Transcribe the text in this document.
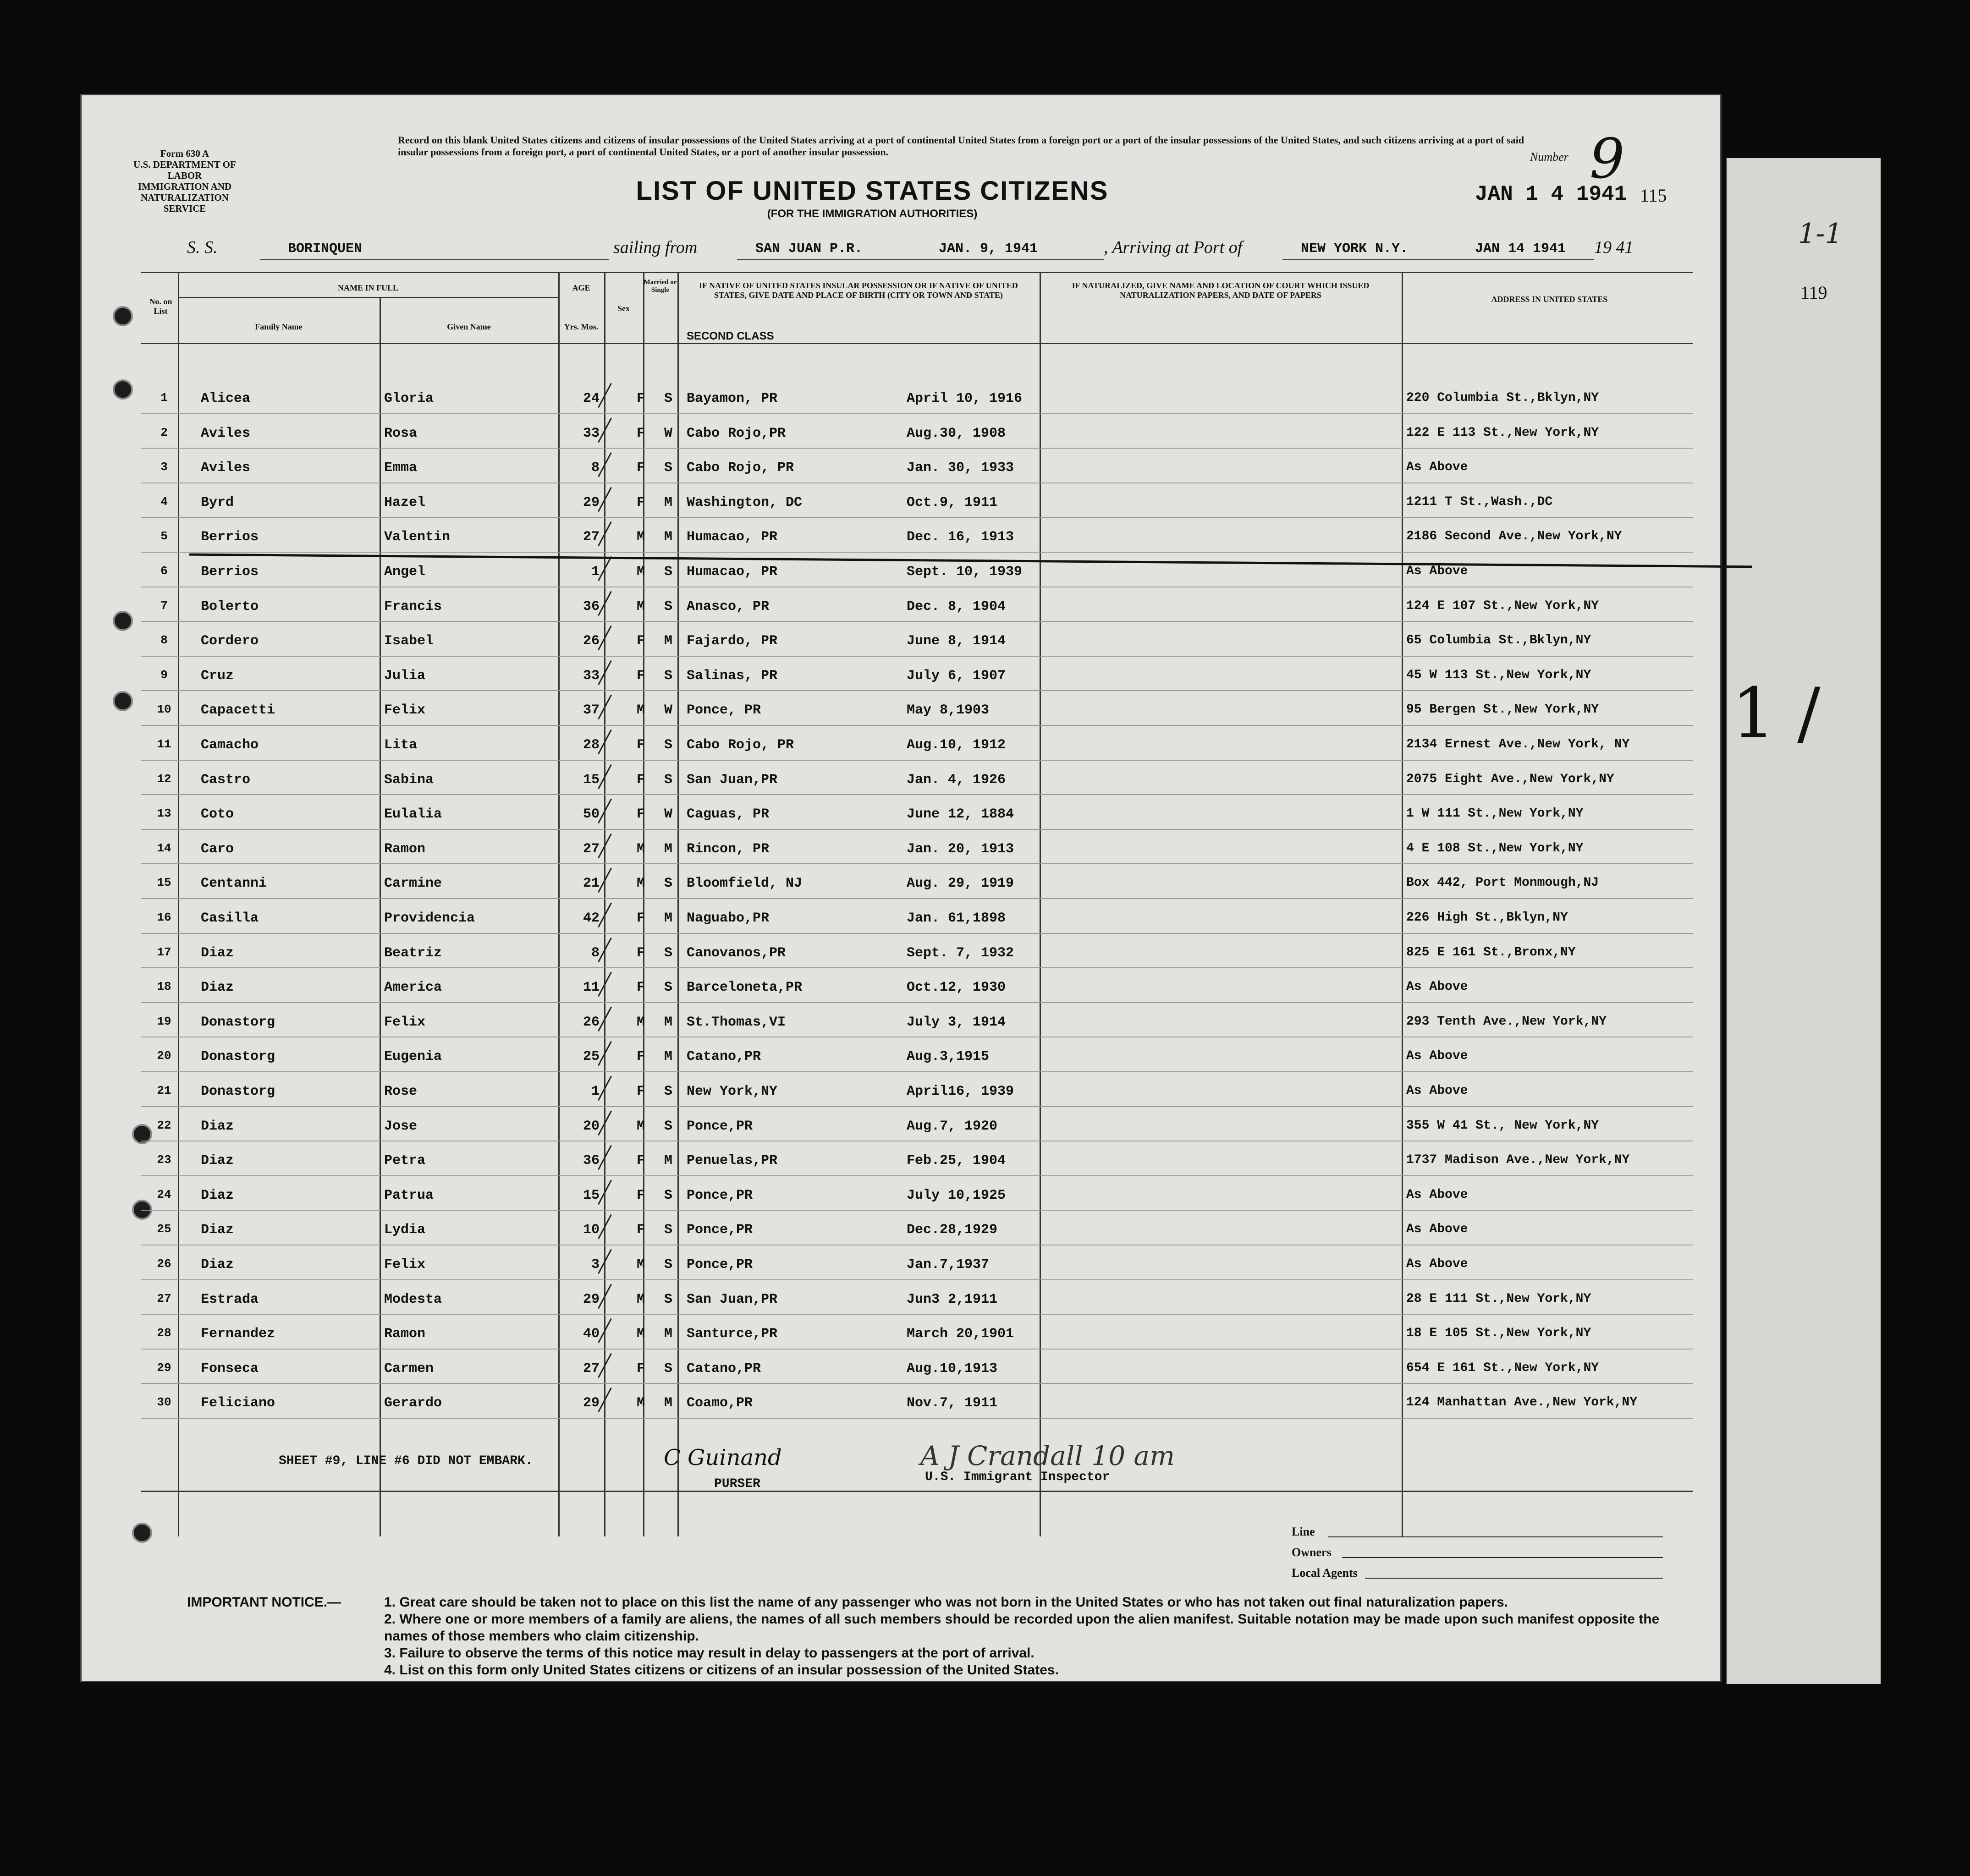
1-1
119
1 /
Form 630 A
U.S. DEPARTMENT OF LABOR
IMMIGRATION AND
NATURALIZATION SERVICE
Record on this blank United States citizens and citizens of insular possessions of the United States arriving at a port of continental United States from a foreign port or a port of the insular possessions of the United States, and such citizens arriving at a port of said insular possessions from a foreign port, a port of continental United States, or a port of another insular possession.	Number 9
LIST OF UNITED STATES CITIZENS
(FOR THE IMMIGRATION AUTHORITIES)
JAN 1 4 1941 115
S. S.	BORINQUEN	sailing from	SAN JUAN P.R.	JAN. 9, 1941	, Arriving at Port of	NEW YORK N.Y.	JAN 14 1941 19 41
No. on List
NAME IN FULL
Family Name	Given Name
AGE
Yrs. Mos.
Sex
Married or Single	IF NATIVE OF UNITED STATES INSULAR POSSESSION OR IF NATIVE OF UNITED STATES, GIVE DATE AND PLACE OF BIRTH (CITY OR TOWN AND STATE)
SECOND CLASS
IF NATURALIZED, GIVE NAME AND LOCATION OF COURT WHICH ISSUED NATURALIZATION PAPERS, AND DATE OF PAPERS	ADDRESS IN UNITED STATES
1	Alicea	Gloria	24	F	S	Bayamon, PR	April 10, 1916	220 Columbia St.,Bklyn,NY
2	Aviles	Rosa	33	F	W	Cabo Rojo,PR	Aug.30, 1908	122 E 113 St.,New York,NY
3	Aviles	Emma	8	F	S	Cabo Rojo, PR	Jan. 30, 1933	As Above
4	Byrd	Hazel	29	F	M	Washington, DC	Oct.9, 1911	1211 T St.,Wash.,DC
5	Berrios	Valentin	27	M	M	Humacao, PR	Dec. 16, 1913	2186 Second Ave.,New York,NY
6	Berrios	Angel	1	M	S	Humacao, PR	Sept. 10, 1939	As Above
7	Bolerto	Francis	36	M	S	Anasco, PR	Dec. 8, 1904	124 E 107 St.,New York,NY
8	Cordero	Isabel	26	F	M	Fajardo, PR	June 8, 1914	65 Columbia St.,Bklyn,NY
9	Cruz	Julia	33	F	S	Salinas, PR	July 6, 1907	45 W 113 St.,New York,NY
10	Capacetti	Felix	37	M	W	Ponce, PR	May 8,1903	95 Bergen St.,New York,NY
11	Camacho	Lita	28	F	S	Cabo Rojo, PR	Aug.10, 1912	2134 Ernest Ave.,New York, NY
12	Castro	Sabina	15	F	S	San Juan,PR	Jan. 4, 1926	2075 Eight Ave.,New York,NY
13	Coto	Eulalia	50	F	W	Caguas, PR	June 12, 1884	1 W 111 St.,New York,NY
14	Caro	Ramon	27	M	M	Rincon, PR	Jan. 20, 1913	4 E 108 St.,New York,NY
15	Centanni	Carmine	21	M	S	Bloomfield, NJ	Aug. 29, 1919	Box 442, Port Monmough,NJ
16	Casilla	Providencia	42	F	M	Naguabo,PR	Jan. 61,1898	226 High St.,Bklyn,NY
17	Diaz	Beatriz	8	F	S	Canovanos,PR	Sept. 7, 1932	825 E 161 St.,Bronx,NY
18	Diaz	America	11	F	S	Barceloneta,PR	Oct.12, 1930	As Above
19	Donastorg	Felix	26	M	M	St.Thomas,VI	July 3, 1914	293 Tenth Ave.,New York,NY
20	Donastorg	Eugenia	25	F	M	Catano,PR	Aug.3,1915	As Above
21	Donastorg	Rose	1	F	S	New York,NY	April16, 1939	As Above
22	Diaz	Jose	20	M	S	Ponce,PR	Aug.7, 1920	355 W 41 St., New York,NY
23	Diaz	Petra	36	F	M	Penuelas,PR	Feb.25, 1904	1737 Madison Ave.,New York,NY
24	Diaz	Patrua	15	F	S	Ponce,PR	July 10,1925	As Above
25	Diaz	Lydia	10	F	S	Ponce,PR	Dec.28,1929	As Above
26	Diaz	Felix	3	M	S	Ponce,PR	Jan.7,1937	As Above
27	Estrada	Modesta	29	M	S	San Juan,PR	Jun3 2,1911	28 E 111 St.,New York,NY
28	Fernandez	Ramon	40	M	M	Santurce,PR	March 20,1901	18 E 105 St.,New York,NY
29	Fonseca	Carmen	27	F	S	Catano,PR	Aug.10,1913	654 E 161 St.,New York,NY
30	Feliciano	Gerardo	29	M	M	Coamo,PR	Nov.7, 1911	124 Manhattan Ave.,New York,NY
SHEET #9, LINE #6 DID NOT EMBARK.	C Guinand
PURSER
A J Crandall 10 am
U.S. Immigrant Inspector
Line
Owners
Local Agents
IMPORTANT NOTICE.—	1. Great care should be taken not to place on this list the name of any passenger who was not born in the United States or who has not taken out final naturalization papers.
2. Where one or more members of a family are aliens, the names of all such members should be recorded upon the alien manifest. Suitable notation may be made upon such manifest opposite the names of those members who claim citizenship.
3. Failure to observe the terms of this notice may result in delay to passengers at the port of arrival.
4. List on this form only United States citizens or citizens of an insular possession of the United States.
